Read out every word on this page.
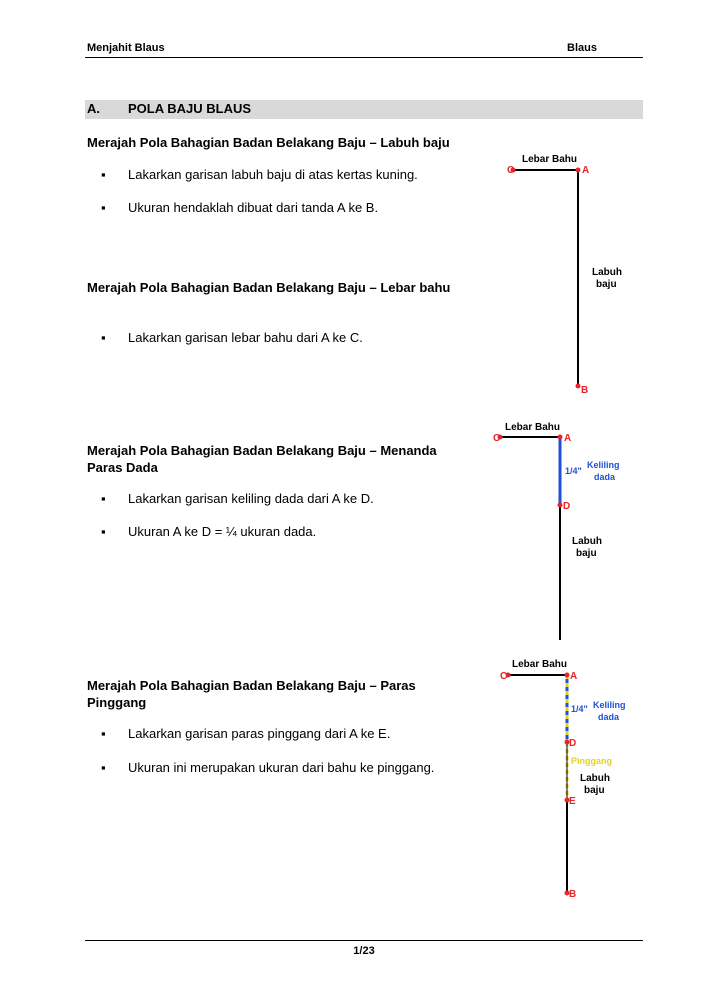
Menjahit Blaus	Blaus
A. POLA BAJU BLAUS
Merajah Pola Bahagian Badan Belakang Baju – Labuh baju
▪ Lakarkan garisan labuh baju di atas kertas kuning.
▪ Ukuran hendaklah dibuat dari tanda A ke B.
Merajah Pola Bahagian Badan Belakang Baju – Lebar bahu
▪ Lakarkan garisan lebar bahu dari A ke C.
Merajah Pola Bahagian Badan Belakang Baju – Menanda
Paras Dada
▪ Lakarkan garisan keliling dada dari A ke D.
▪ Ukuran A ke D = ¼ ukuran dada.
Merajah Pola Bahagian Badan Belakang Baju – Paras
Pinggang
▪ Lakarkan garisan paras pinggang dari A ke E.
▪ Ukuran ini merupakan ukuran dari bahu ke pinggang.
Lebar Bahu
C	A
Labuh
baju
B
Lebar Bahu
C	A
1/4"
Keliling
dada
D
Labuh
baju
Lebar Bahu
C	A
1/4" Keliling
dada
D
Pinggang
Labuh
baju
E
B
1/23
